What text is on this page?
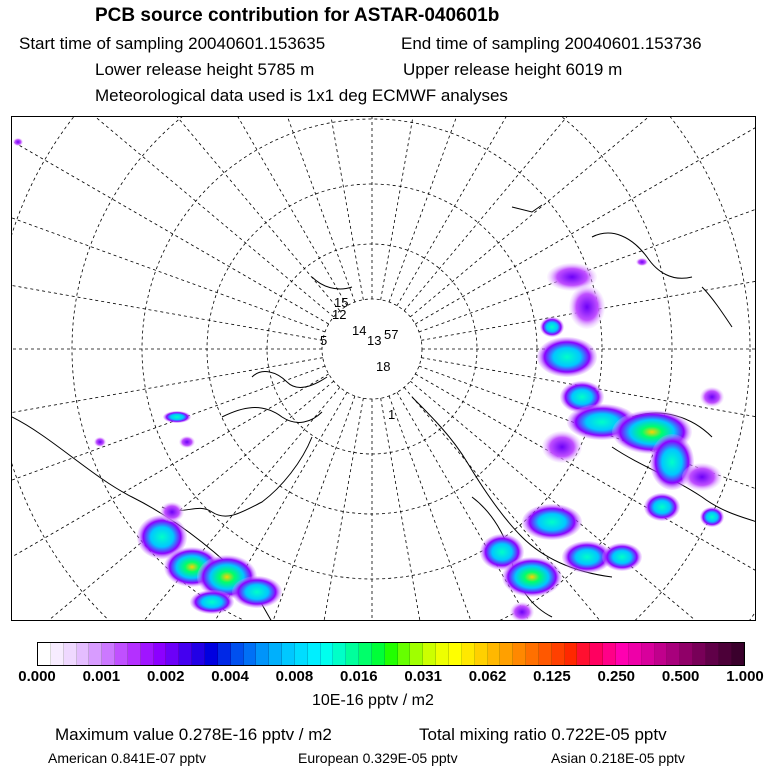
PCB source contribution for ASTAR-040601b
Start time of sampling 20040601.153635	End time of sampling 20040601.153736
Lower release height 5785 m	Upper release height 6019 m
Meteorological data used is 1x1 deg ECMWF analyses
15
14
13
12
5	57
18
1
0.000 0.001 0.002 0.004 0.008 0.016 0.031 0.062 0.125 0.250 0.500 1.000
10E-16 pptv / m2
Maximum value 0.278E-16 pptv / m2	Total mixing ratio 0.722E-05 pptv
American 0.841E-07 pptv	European 0.329E-05 pptv	Asian 0.218E-05 pptv
